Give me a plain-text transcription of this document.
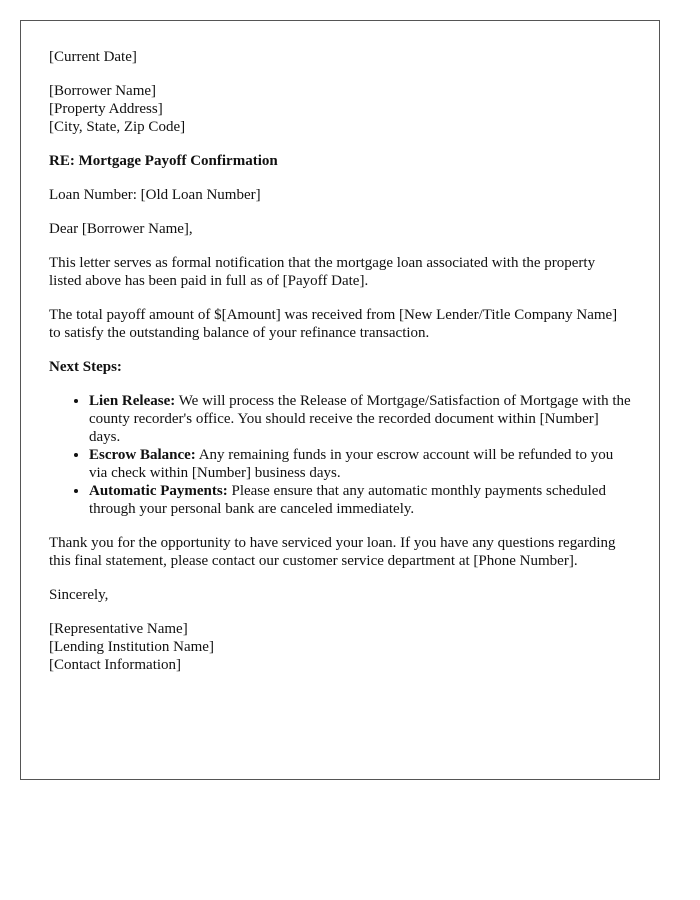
[Current Date]

[Borrower Name]
[Property Address]
[City, State, Zip Code]

RE: Mortgage Payoff Confirmation

Loan Number: [Old Loan Number]

Dear [Borrower Name],

This letter serves as formal notification that the mortgage loan associated with the property listed above has been paid in full as of [Payoff Date].

The total payoff amount of $[Amount] was received from [New Lender/Title Company Name] to satisfy the outstanding balance of your refinance transaction.

Next Steps:

• Lien Release: We will process the Release of Mortgage/Satisfaction of Mortgage with the county recorder's office. You should receive the recorded document within [Number] days.
• Escrow Balance: Any remaining funds in your escrow account will be refunded to you via check within [Number] business days.
• Automatic Payments: Please ensure that any automatic monthly payments scheduled through your personal bank are canceled immediately.

Thank you for the opportunity to have serviced your loan. If you have any questions regarding this final statement, please contact our customer service department at [Phone Number].

Sincerely,

[Representative Name]
[Lending Institution Name]
[Contact Information]
